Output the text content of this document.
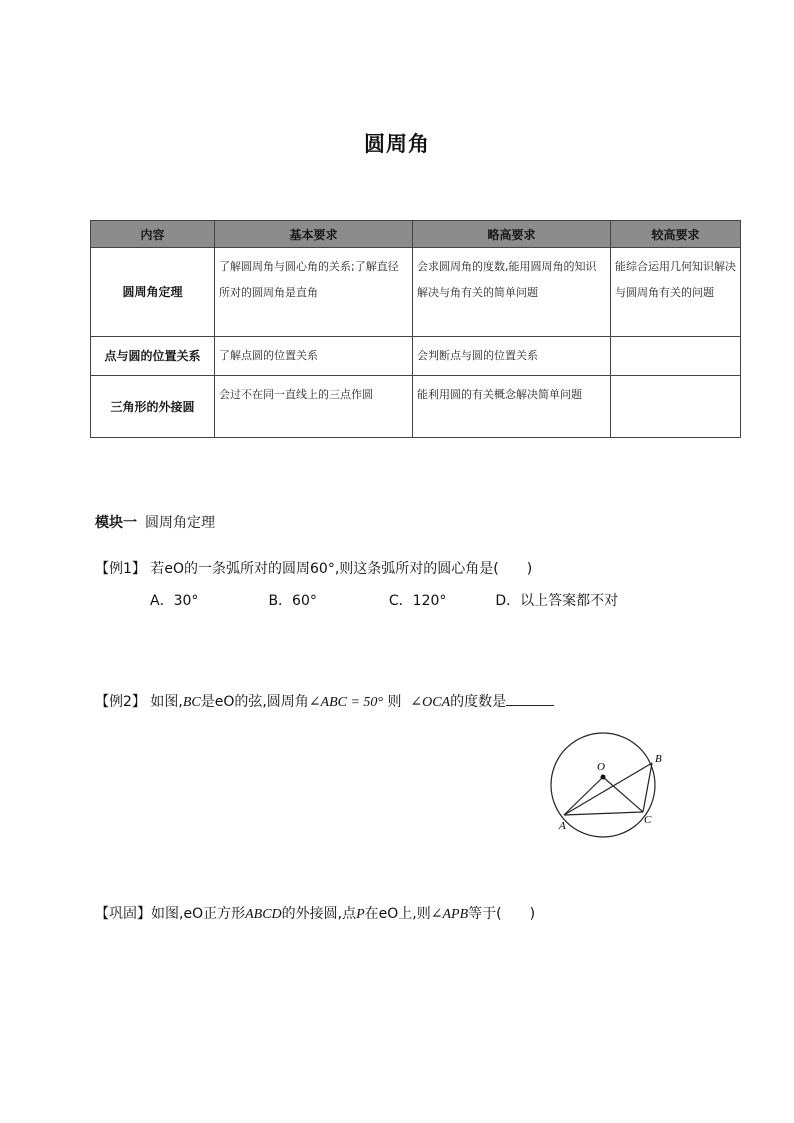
圆周角
内容	基本要求	略高要求	较高要求
圆周角定理	了解圆周角与圆心角的关系;了解直径所对的圆周角是直角	会求圆周角的度数,能用圆周角的知识解决与角有关的简单问题	能综合运用几何知识解决与圆周角有关的问题
点与圆的位置关系	了解点圆的位置关系	会判断点与圆的位置关系	
三角形的外接圆	会过不在同一直线上的三点作圆	能利用圆的有关概念解决简单问题	
模块一 圆周角定理
【例1】 若eO的一条弧所对的圆周60°,则这条弧所对的圆心角是(　　)
A．30°	B．60°	C．120°	D．以上答案都不对
【例2】 如图,BC是eO的弦,圆周角∠ABC = 50° 则 ∠OCA的度数是
O
A
B
C
【巩固】如图,eO正方形ABCD的外接圆,点P在eO上,则∠APB等于(　　)
